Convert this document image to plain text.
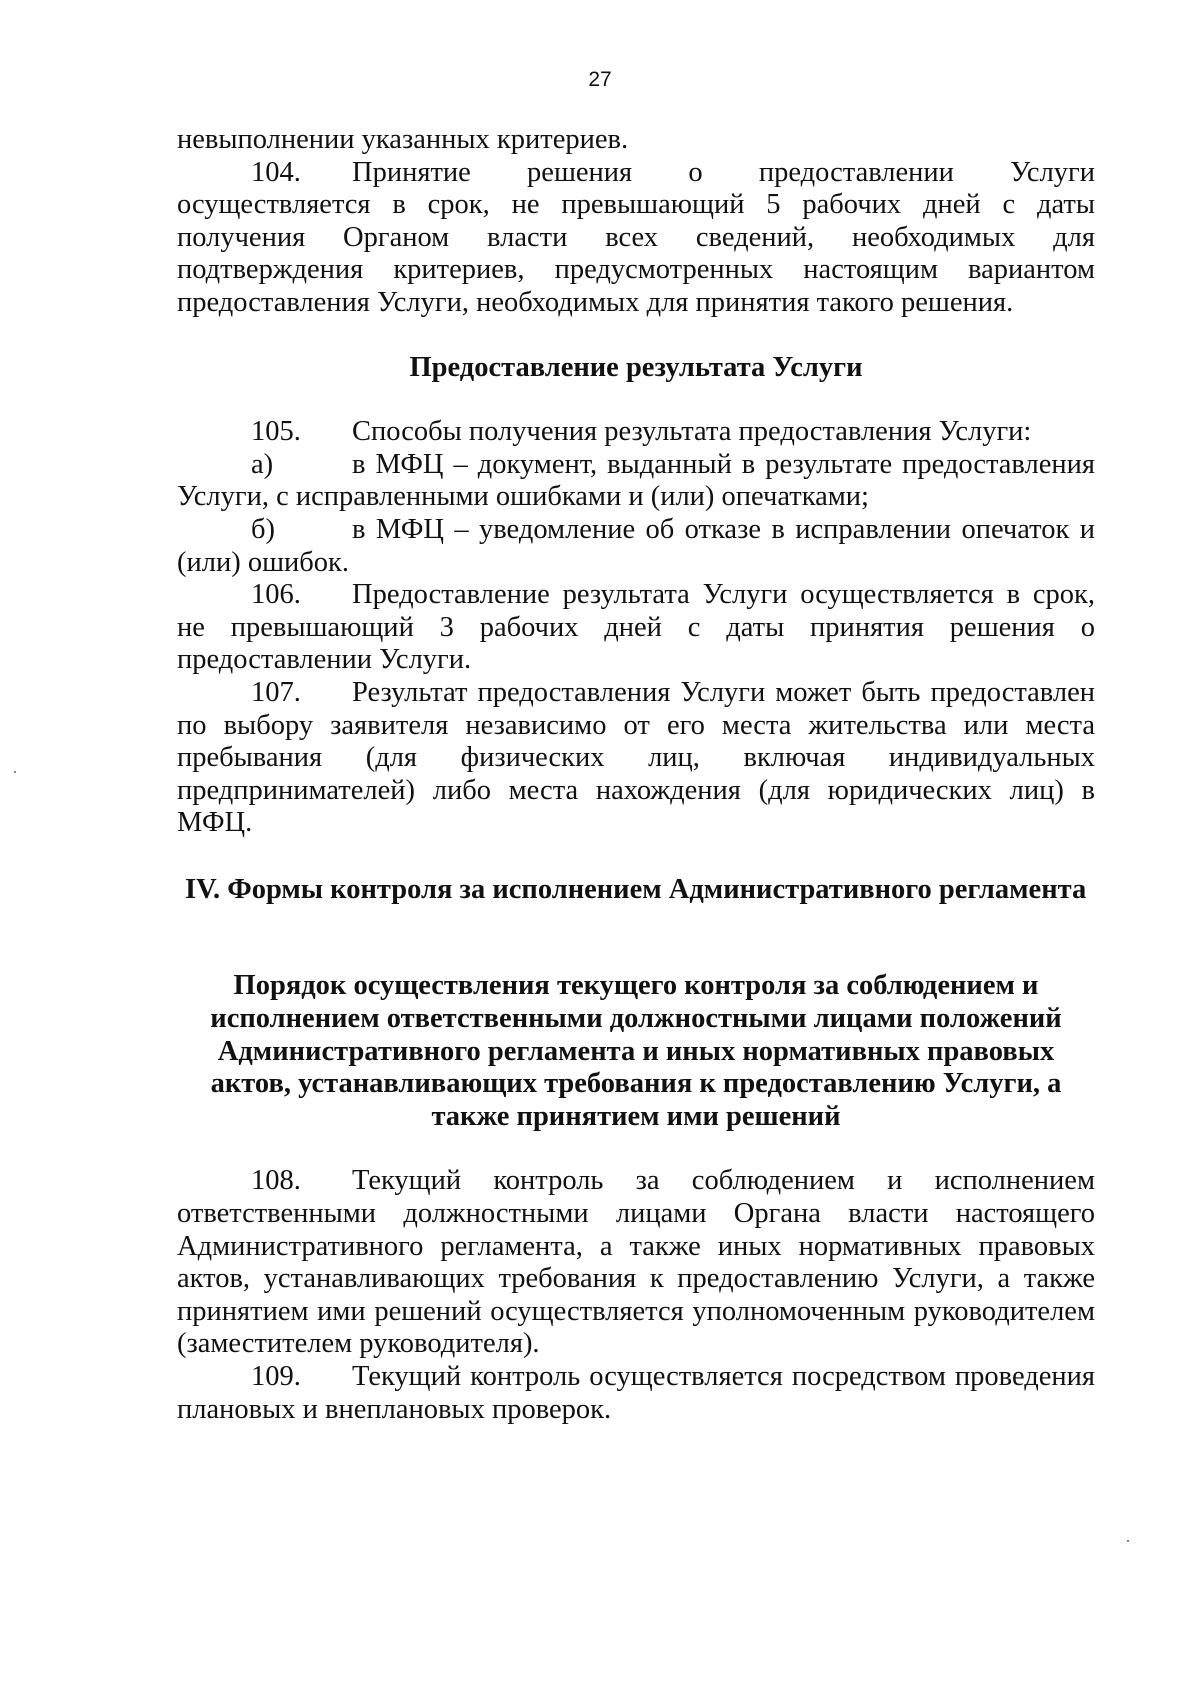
27

невыполнении указанных критериев.

104. Принятие решения о предоставлении Услуги осуществляется в срок, не превышающий 5 рабочих дней с даты получения Органом власти всех сведений, необходимых для подтверждения критериев, предусмотренных настоящим вариантом предоставления Услуги, необходимых для принятия такого решения.

Предоставление результата Услуги

105. Способы получения результата предоставления Услуги:

а)	в МФЦ – документ, выданный в результате предоставления Услуги, с исправленными ошибками и (или) опечатками;

б)	в МФЦ – уведомление об отказе в исправлении опечаток и (или) ошибок.

106. Предоставление результата Услуги осуществляется в срок, не превышающий 3 рабочих дней с даты принятия решения о предоставлении Услуги.

107. Результат предоставления Услуги может быть предоставлен по выбору заявителя независимо от его места жительства или места пребывания (для физических лиц, включая индивидуальных предпринимателей) либо места нахождения (для юридических лиц) в МФЦ.

IV. Формы контроля за исполнением Административного регламента
Порядок осуществления текущего контроля за соблюдением и исполнением ответственными должностными лицами положений Административного регламента и иных нормативных правовых актов, устанавливающих требования к предоставлению Услуги, а также принятием ими решений

108. Текущий контроль за соблюдением и исполнением ответственными должностными лицами Органа власти настоящего Административного регламента, а также иных нормативных правовых актов, устанавливающих требования к предоставлению Услуги, а также принятием ими решений осуществляется уполномоченным руководителем (заместителем руководителя).

109. Текущий контроль осуществляется посредством проведения плановых и внеплановых проверок.
